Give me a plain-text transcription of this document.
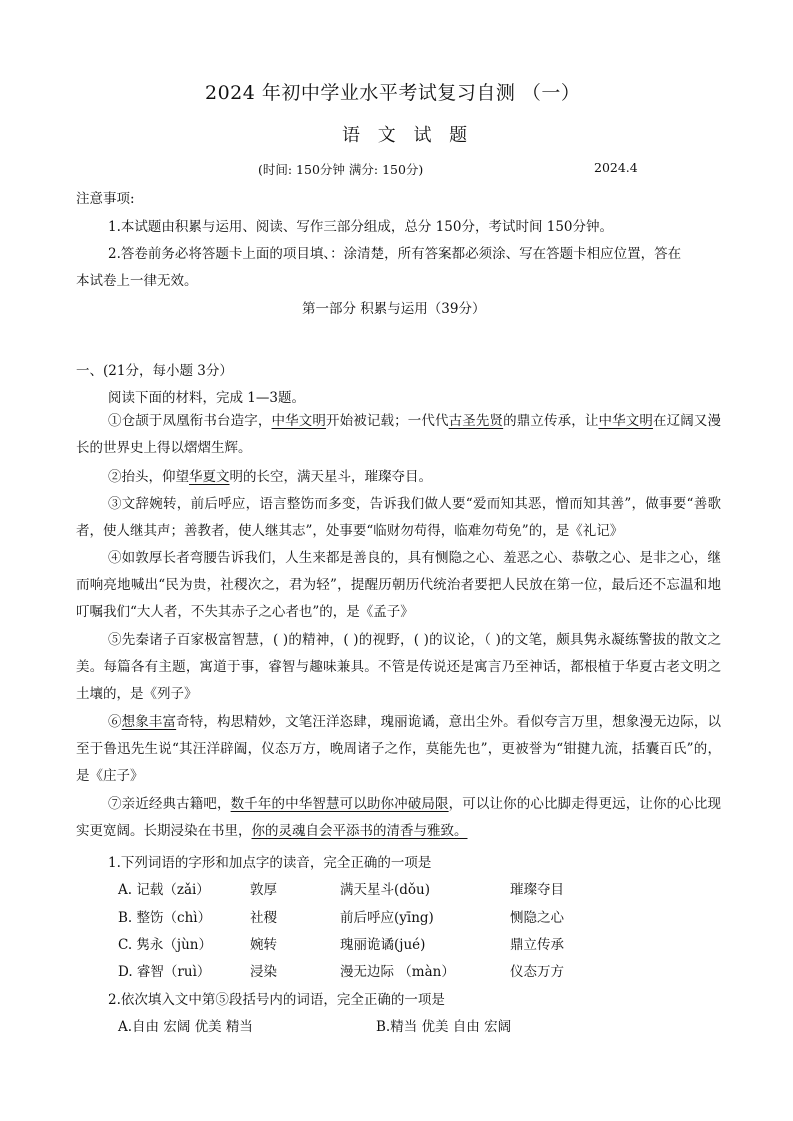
2024 年初中学业水平考试复习自测 （一）
语 文 试 题
(时间: 150分钟 满分: 150分)	2024.4
注意事项:
1.本试题由积累与运用、阅读、写作三部分组成，总分 150分，考试时间 150分钟。
2.答卷前务必将答题卡上面的项目填、：涂清楚，所有答案都必须涂、写在答题卡相应位置，答在
本试卷上一律无效。
第一部分 积累与运用（39分）
一、(21分，每小题 3分）
阅读下面的材料，完成 1—3题。
①仓颉于凤凰衔书台造字，中华文明开始被记载；一代代古圣先贤的鼎立传承，让中华文明在辽阔又漫长的世界史上得以熠熠生辉。
②抬头，仰望华夏文明的长空，满天星斗，璀璨夺目。
③文辞婉转，前后呼应，语言整饬而多变，告诉我们做人要“爱而知其恶，憎而知其善”，做事要“善歌者，使人继其声；善教者，使人继其志”，处事要“临财勿苟得，临难勿苟免”的，是《礼记》
④如敦厚长者弯腰告诉我们，人生来都是善良的，具有恻隐之心、羞恶之心、恭敬之心、是非之心，继而响亮地喊出“民为贵，社稷次之，君为轻”，提醒历朝历代统治者要把人民放在第一位，最后还不忘温和地叮嘱我们“大人者，不失其赤子之心者也”的，是《孟子》
⑤先秦诸子百家极富智慧，( )的精神，( )的视野，( )的议论，（ )的文笔，颇具隽永凝练警拔的散文之美。每篇各有主题，寓道于事，睿智与趣味兼具。不管是传说还是寓言乃至神话，都根植于华夏古老文明之土壤的，是《列子》
⑥想象丰富奇特，构思精妙，文笔汪洋恣肆，瑰丽诡谲，意出尘外。看似夸言万里，想象漫无边际，以至于鲁迅先生说“其汪洋辟阖，仪态万方，晚周诸子之作，莫能先也”，更被誉为“钳揵九流，括囊百氏”的，是《庄子》
⑦亲近经典古籍吧，数千年的中华智慧可以助你冲破局限，可以让你的心比脚走得更远，让你的心比现实更宽阔。长期浸染在书里，你的灵魂自会平添书的清香与雅致。
1.下列词语的字形和加点字的读音，完全正确的一项是
A. 记载（zǎi）	敦厚	满天星斗(dǒu)	璀璨夺目
B. 整饬（chì）	社稷	前后呼应(yīng)	恻隐之心
C. 隽永（jùn）	婉转	瑰丽诡谲(jué)	鼎立传承
D. 睿智（ruì）	浸染	漫无边际 （màn）	仪态万方
2.依次填入文中第⑤段括号内的词语，完全正确的一项是
A.自由 宏阔 优美 精当	B.精当 优美 自由 宏阔
